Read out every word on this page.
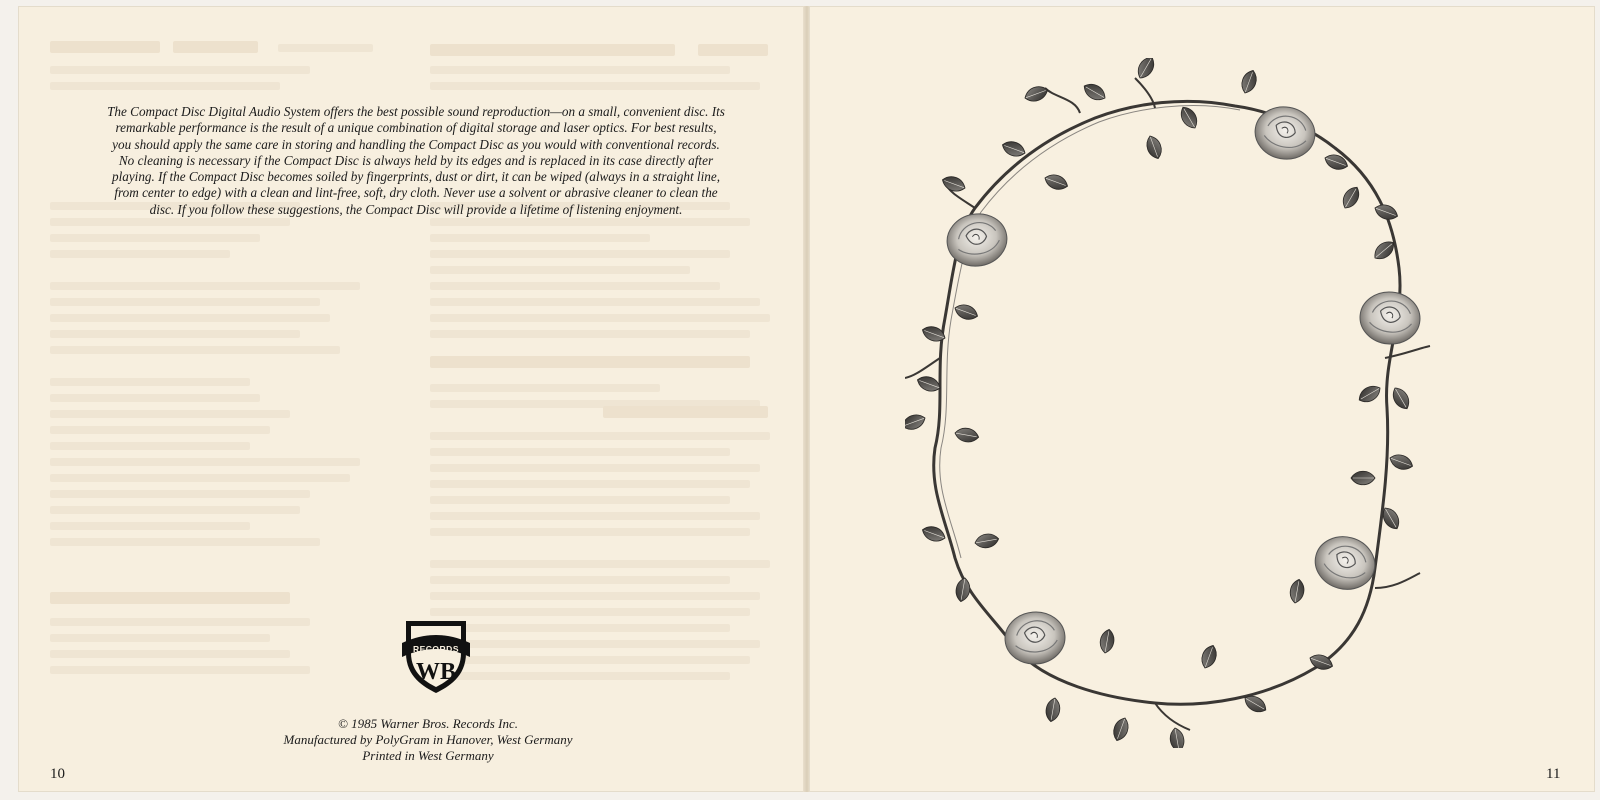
The Compact Disc Digital Audio System offers the best possible sound reproduction—on a small, convenient disc. Its remarkable performance is the result of a unique combination of digital storage and laser optics. For best results, you should apply the same care in storing and handling the Compact Disc as you would with conventional records. No cleaning is necessary if the Compact Disc is always held by its edges and is replaced in its case directly after playing. If the Compact Disc becomes soiled by fingerprints, dust or dirt, it can be wiped (always in a straight line, from center to edge) with a clean and lint-free, soft, dry cloth. Never use a solvent or abrasive cleaner to clean the disc. If you follow these suggestions, the Compact Disc will provide a lifetime of listening enjoyment.

RECORDS
WB
© 1985 Warner Bros. Records Inc.
Manufactured by PolyGram in Hanover, West Germany
Printed in West Germany
10	11
